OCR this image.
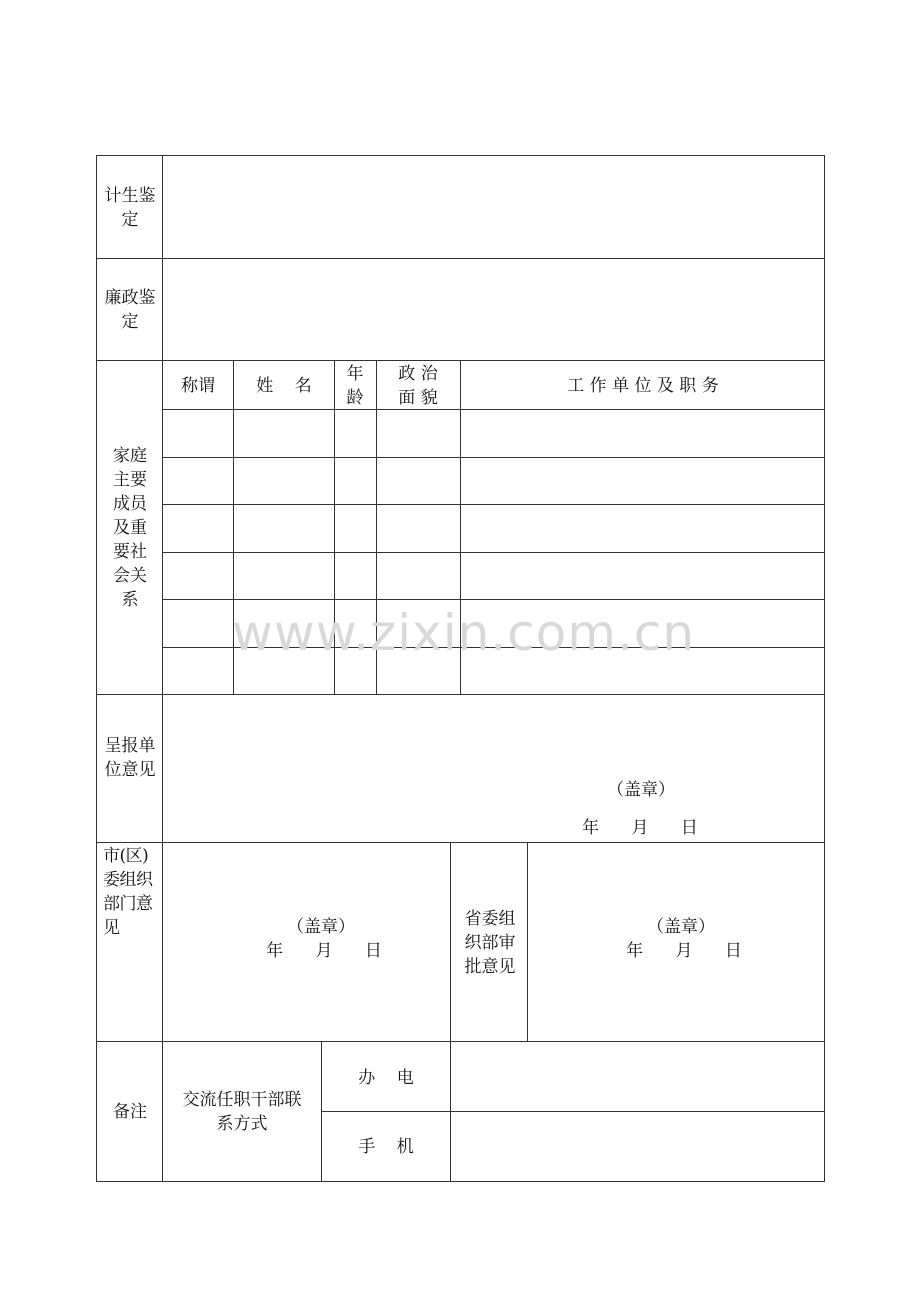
计生鉴定
廉政鉴定
家庭主要成员及重要社会关系
呈报单位意见
市(区)委组织部门意见	省委组织部审批意见
备注
称谓	姓    名
年龄
政 治 面 貌
工 作 单 位 及 职 务
（盖章）
年      月      日
（盖章）
年      月      日
（盖章）
年      月      日
交流任职干部联系方式
办    电
手    机
www.zixin.com.cn
